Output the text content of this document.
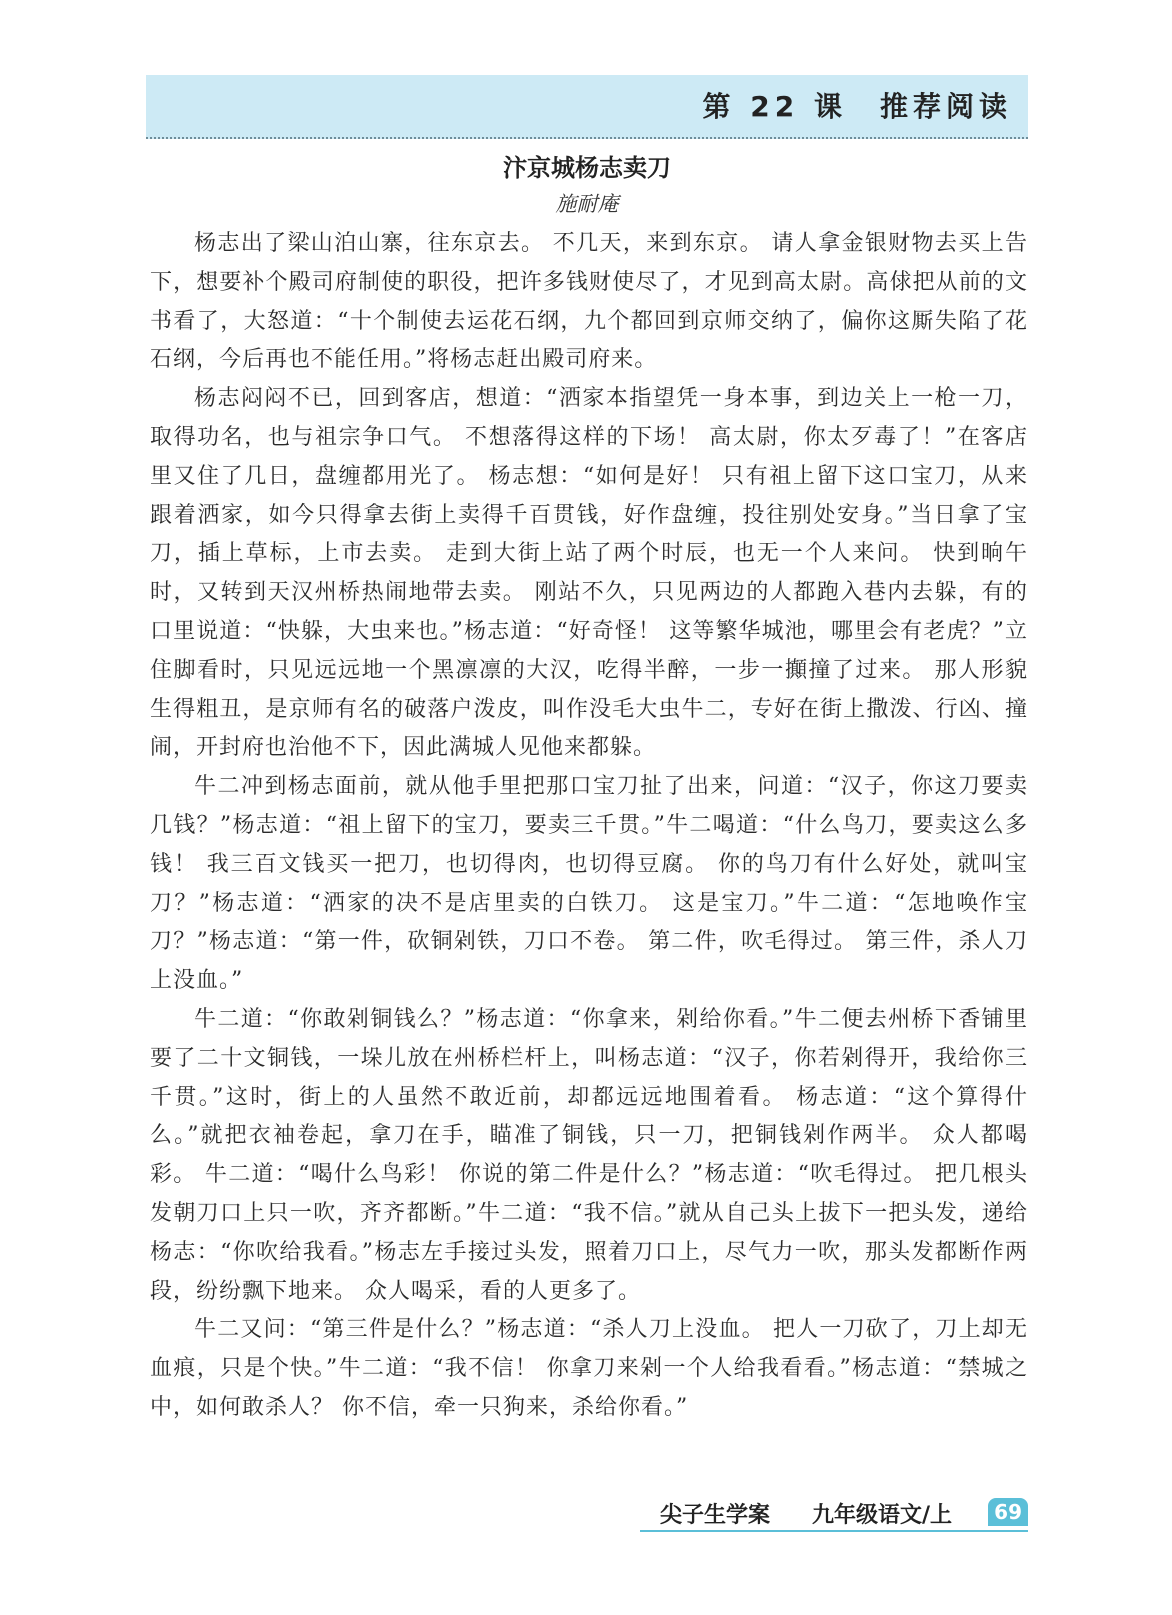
第 22 课　推荐阅读
汴京城杨志卖刀
施耐庵

杨志出了梁山泊山寨，往东京去。 不几天，来到东京。 请人拿金银财物去买上告下，想要补个殿司府制使的职役，把许多钱财使尽了，才见到高太尉。高俅把从前的文书看了，大怒道：“十个制使去运花石纲，九个都回到京师交纳了，偏你这厮失陷了花石纲，今后再也不能任用。”将杨志赶出殿司府来。

杨志闷闷不已，回到客店，想道：“洒家本指望凭一身本事，到边关上一枪一刀，取得功名，也与祖宗争口气。 不想落得这样的下场！ 高太尉，你太歹毒了！”在客店里又住了几日，盘缠都用光了。 杨志想：“如何是好！ 只有祖上留下这口宝刀，从来跟着洒家，如今只得拿去街上卖得千百贯钱，好作盘缠，投往别处安身。”当日拿了宝刀，插上草标，上市去卖。 走到大街上站了两个时辰，也无一个人来问。 快到晌午时，又转到天汉州桥热闹地带去卖。 刚站不久，只见两边的人都跑入巷内去躲，有的口里说道：“快躲，大虫来也。”杨志道：“好奇怪！ 这等繁华城池，哪里会有老虎？”立住脚看时，只见远远地一个黑凛凛的大汉，吃得半醉，一步一攧撞了过来。 那人形貌生得粗丑，是京师有名的破落户泼皮，叫作没毛大虫牛二，专好在街上撒泼、行凶、撞闹，开封府也治他不下，因此满城人见他来都躲。

牛二冲到杨志面前，就从他手里把那口宝刀扯了出来，问道：“汉子，你这刀要卖几钱？”杨志道：“祖上留下的宝刀，要卖三千贯。”牛二喝道：“什么鸟刀，要卖这么多钱！ 我三百文钱买一把刀，也切得肉，也切得豆腐。 你的鸟刀有什么好处，就叫宝刀？”杨志道：“洒家的决不是店里卖的白铁刀。 这是宝刀。”牛二道：“怎地唤作宝刀？”杨志道：“第一件，砍铜剁铁，刀口不卷。 第二件，吹毛得过。 第三件，杀人刀上没血。”

牛二道：“你敢剁铜钱么？”杨志道：“你拿来，剁给你看。”牛二便去州桥下香铺里要了二十文铜钱，一垛儿放在州桥栏杆上，叫杨志道：“汉子，你若剁得开，我给你三千贯。”这时，街上的人虽然不敢近前，却都远远地围着看。 杨志道：“这个算得什么。”就把衣袖卷起，拿刀在手，瞄准了铜钱，只一刀，把铜钱剁作两半。 众人都喝彩。 牛二道：“喝什么鸟彩！ 你说的第二件是什么？”杨志道：“吹毛得过。 把几根头发朝刀口上只一吹，齐齐都断。”牛二道：“我不信。”就从自己头上拔下一把头发，递给杨志：“你吹给我看。”杨志左手接过头发，照着刀口上，尽气力一吹，那头发都断作两段，纷纷飘下地来。 众人喝采，看的人更多了。

牛二又问：“第三件是什么？”杨志道：“杀人刀上没血。 把人一刀砍了，刀上却无血痕，只是个快。”牛二道：“我不信！ 你拿刀来剁一个人给我看看。”杨志道：“禁城之中，如何敢杀人？ 你不信，牵一只狗来，杀给你看。”

尖子生学案 九年级语文/上	69
